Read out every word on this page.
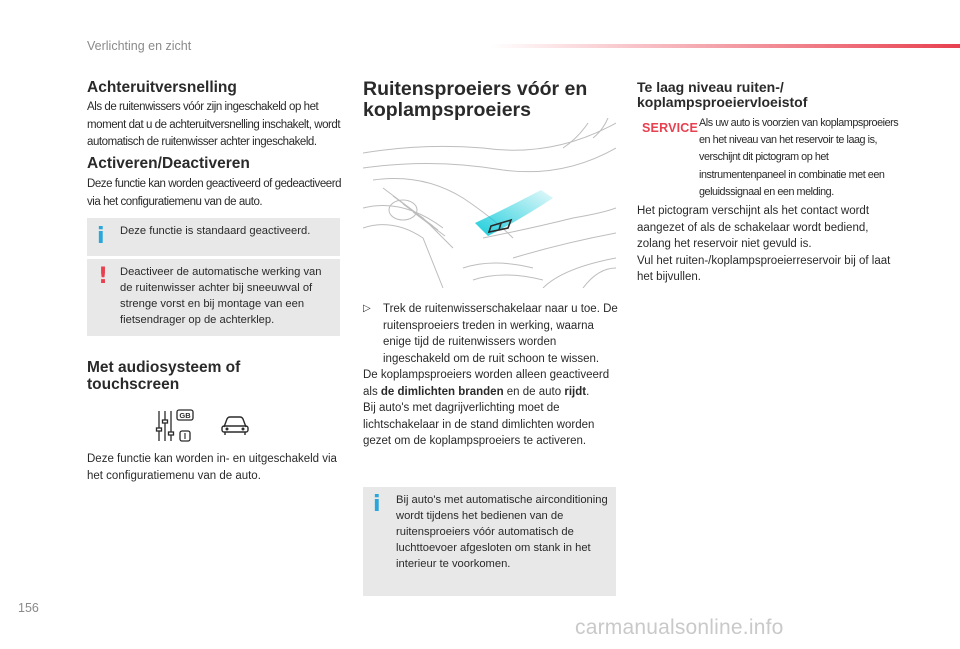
Verlichting en zicht
Achteruitversnelling
Als de ruitenwissers vóór zijn ingeschakeld op het moment dat u de achteruitversnelling inschakelt, wordt automatisch de ruitenwisser achter ingeschakeld.
Activeren/Deactiveren
Deze functie kan worden geactiveerd of gedeactiveerd via het configuratiemenu van de auto.
i Deze functie is standaard geactiveerd.
! Deactiveer de automatische werking van de ruitenwisser achter bij sneeuwval of strenge vorst en bij montage van een fietsendrager op de achterklep.
Met audiosysteem of
touchscreen
GB
I
Deze functie kan worden in- en uitgeschakeld via het configuratiemenu van de auto.
Ruitensproeiers vóór en
koplampsproeiers
▷ Trek de ruitenwisserschakelaar naar u toe. De ruitensproeiers treden in werking, waarna enige tijd de ruitenwissers worden ingeschakeld om de ruit schoon te wissen.
De koplampsproeiers worden alleen geactiveerd als de dimlichten branden en de auto rijdt.
Bij auto's met dagrijverlichting moet de lichtschakelaar in de stand dimlichten worden gezet om de koplampsproeiers te activeren.
i Bij auto's met automatische airconditioning wordt tijdens het bedienen van de ruitensproeiers vóór automatisch de luchttoevoer afgesloten om stank in het interieur te voorkomen.
Te laag niveau ruiten-/
koplampsproeiervloeistof
SERVICE Als uw auto is voorzien van koplampsproeiers en het niveau van het reservoir te laag is, verschijnt dit pictogram op het instrumentenpaneel in combinatie met een geluidssignaal en een melding.
Het pictogram verschijnt als het contact wordt aangezet of als de schakelaar wordt bediend, zolang het reservoir niet gevuld is.
Vul het ruiten-/koplampsproeierreservoir bij of laat het bijvullen.
156
carmanualsonline.info
